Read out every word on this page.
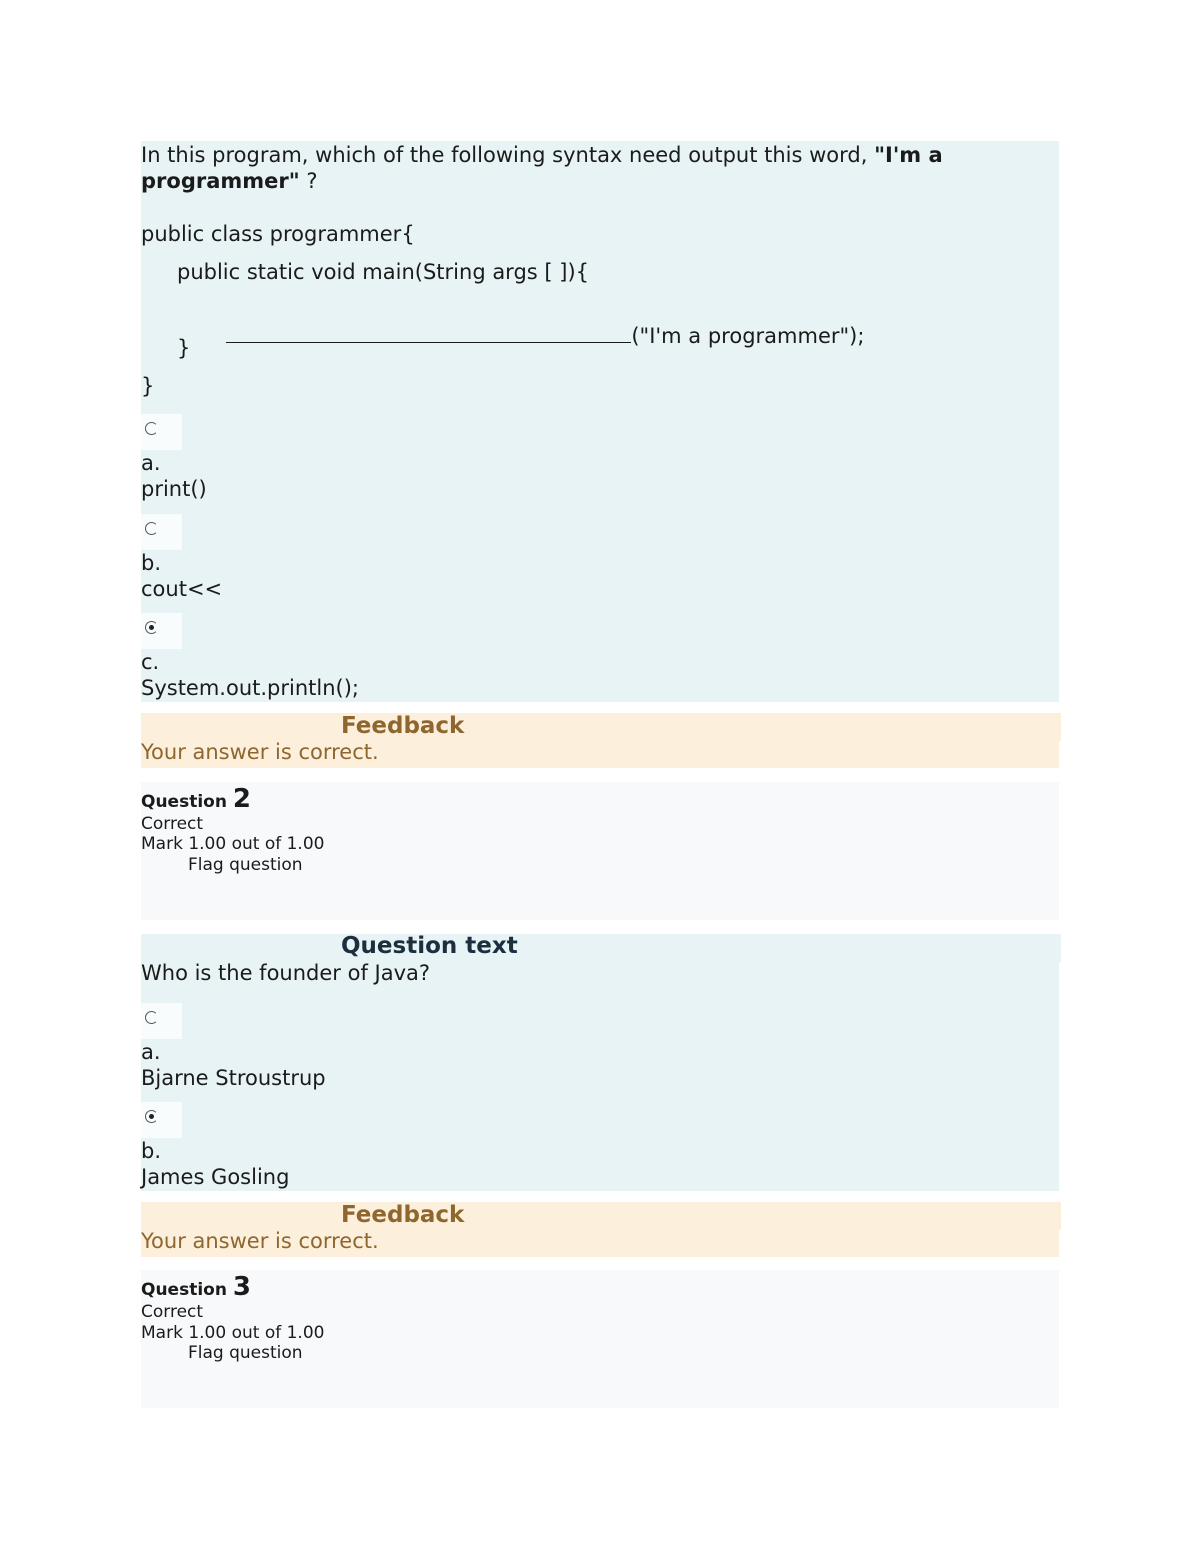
In this program, which of the following syntax need output this word, "I'm a
programmer" ?
public class programmer{
public static void main(String args [ ]){

("I'm a programmer");

}
}
a.
print()
b.
cout<<
c.
System.out.println();
Feedback
Your answer is correct.
Question 2
Correct
Mark 1.00 out of 1.00
Flag question
Question text
Who is the founder of Java?
a.
Bjarne Stroustrup
b.
James Gosling
Feedback
Your answer is correct.
Question 3
Correct
Mark 1.00 out of 1.00
Flag question
